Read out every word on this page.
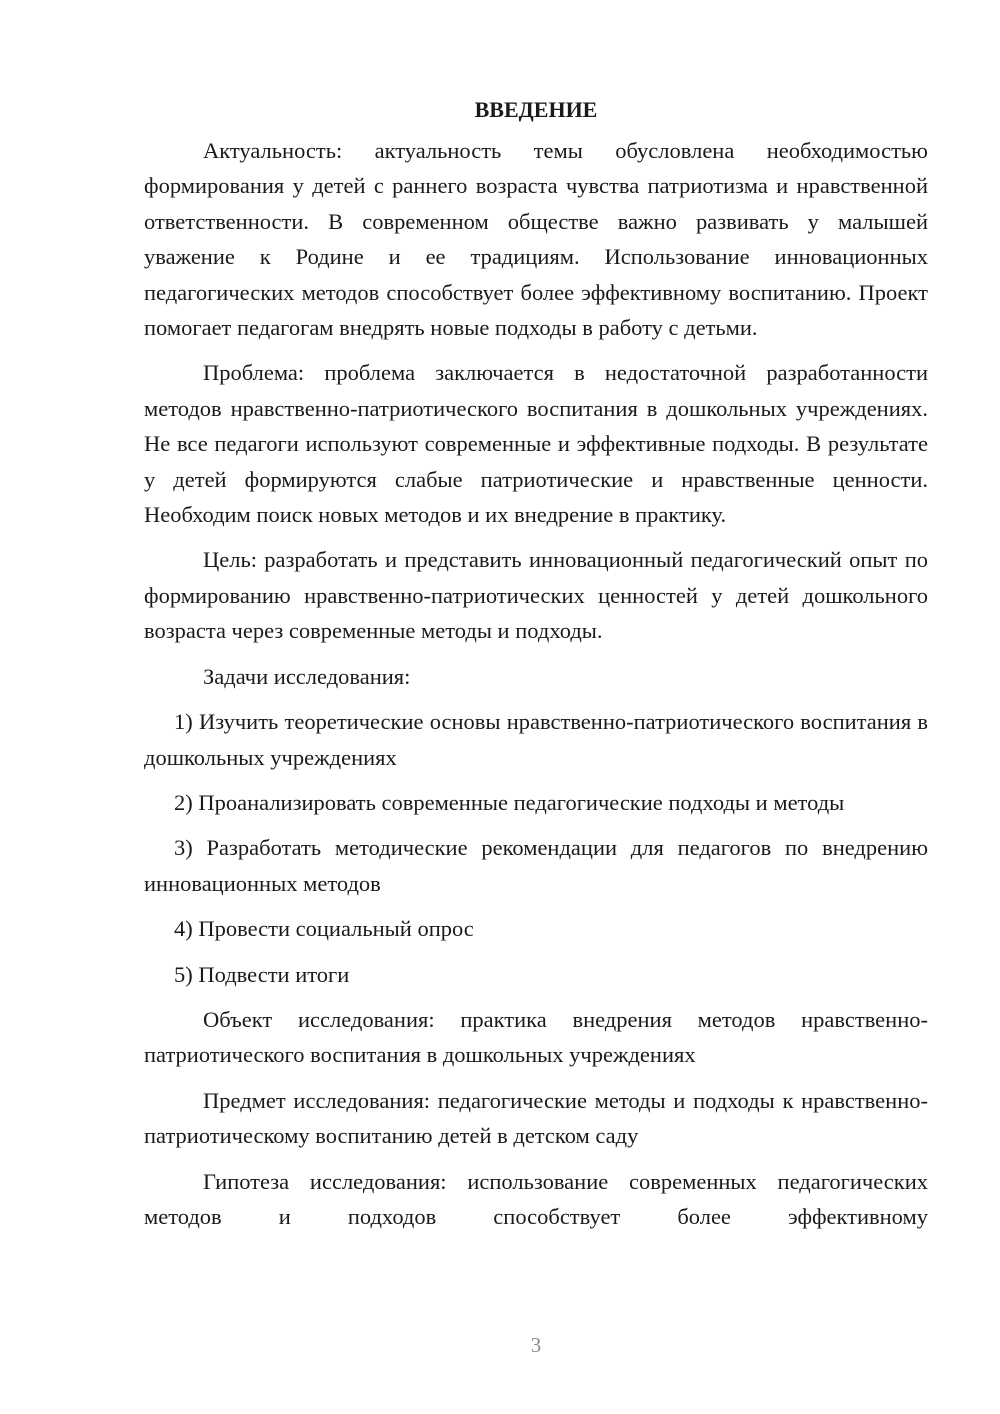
ВВЕДЕНИЕ

Актуальность: актуальность темы обусловлена необходимостью формирования у детей с раннего возраста чувства патриотизма и нравственной ответственности. В современном обществе важно развивать у малышей уважение к Родине и ее традициям. Использование инновационных педагогических методов способствует более эффективному воспитанию. Проект помогает педагогам внедрять новые подходы в работу с детьми.

Проблема: проблема заключается в недостаточной разработанности методов нравственно-патриотического воспитания в дошкольных учреждениях. Не все педагоги используют современные и эффективные подходы. В результате у детей формируются слабые патриотические и нравственные ценности. Необходим поиск новых методов и их внедрение в практику.

Цель: разработать и представить инновационный педагогический опыт по формированию нравственно-патриотических ценностей у детей дошкольного возраста через современные методы и подходы.

Задачи исследования:

1) Изучить теоретические основы нравственно-патриотического воспитания в дошкольных учреждениях

2) Проанализировать современные педагогические подходы и методы

3) Разработать методические рекомендации для педагогов по внедрению инновационных методов

4) Провести социальный опрос

5) Подвести итоги

Объект исследования: практика внедрения методов нравственно-патриотического воспитания в дошкольных учреждениях

Предмет исследования: педагогические методы и подходы к нравственно-патриотическому воспитанию детей в детском саду

Гипотеза исследования: использование современных педагогических методов и подходов способствует более эффективному

3
